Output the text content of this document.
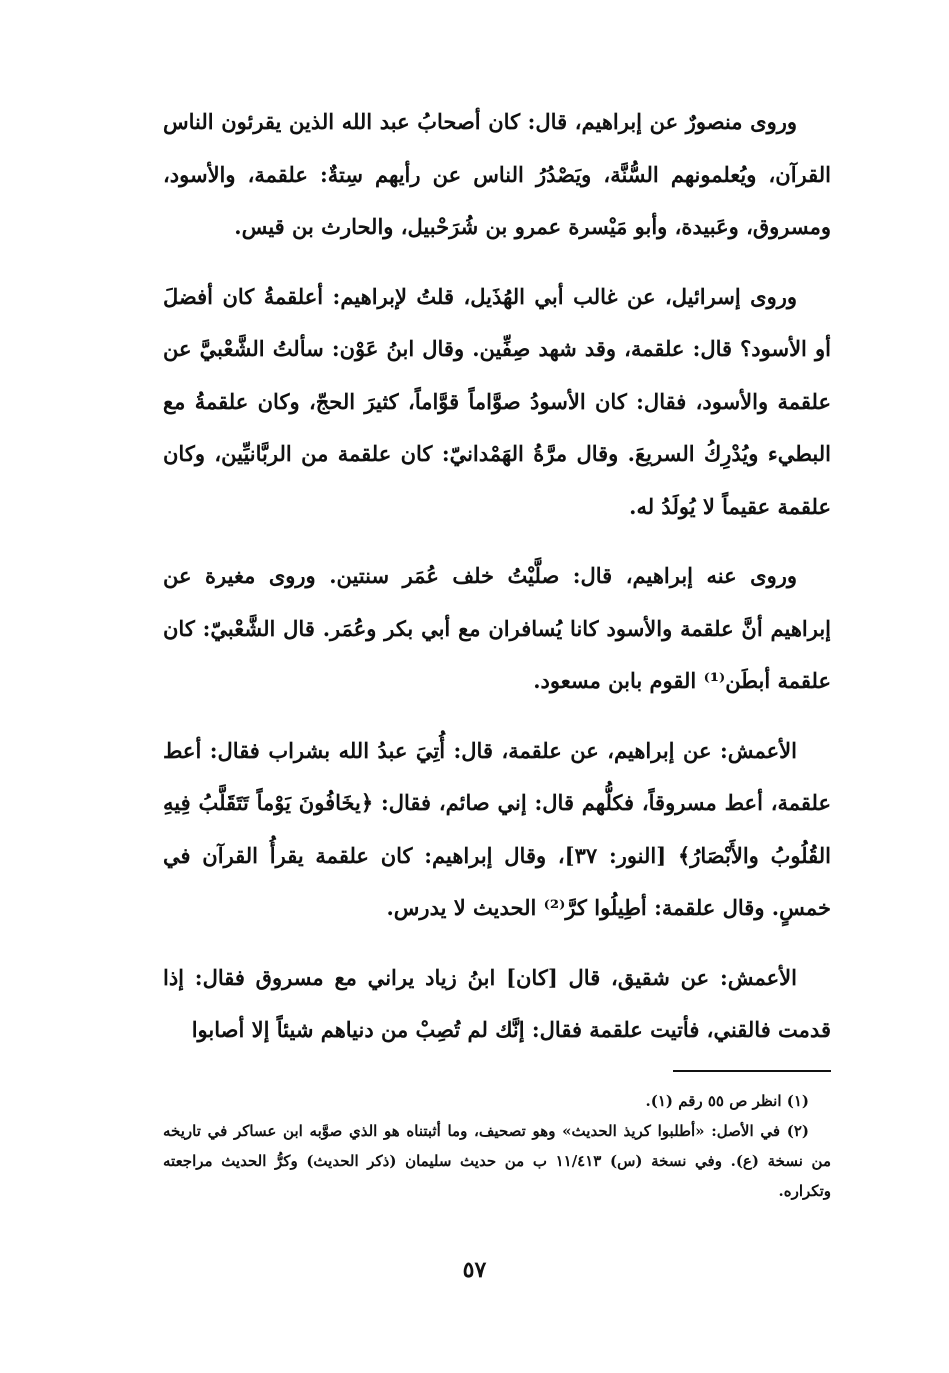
وروى منصورٌ عن إبراهيم، قال: كان أصحابُ عبد الله الذين يقرئون الناس القرآن، ويُعلمونهم السُّنَّة، ويَصْدُرُ الناس عن رأيهم سِتةٌ: علقمة، والأسود، ومسروق، وعَبيدة، وأبو مَيْسرة عمرو بن شُرَحْبيل، والحارث بن قيس.

وروى إسرائيل، عن غالب أبي الهُذَيل، قلتُ لإبراهيم: أعلقمةُ كان أفضلَ أو الأسود؟ قال: علقمة، وقد شهد صِفِّين. وقال ابنُ عَوْن: سألتُ الشَّعْبيَّ عن علقمة والأسود، فقال: كان الأسودُ صوَّاماً قوَّاماً، كثيرَ الحجّ، وكان علقمةُ مع البطيء ويُدْرِكُ السريعَ. وقال مرَّةُ الهَمْدانيّ: كان علقمة من الربَّانيِّين، وكان علقمة عقيماً لا يُولَدُ له.

وروى عنه إبراهيم، قال: صلَّيْتُ خلف عُمَر سنتين. وروى مغيرة عن إبراهيم أنَّ علقمة والأسود كانا يُسافران مع أبي بكر وعُمَر. قال الشَّعْبيّ: كان علقمة أبطَن⁽¹⁾ القوم بابن مسعود.

الأعمش: عن إبراهيم، عن علقمة، قال: أُتِيَ عبدُ الله بشراب فقال: أعط علقمة، أعط مسروقاً، فكلُّهم قال: إني صائم، فقال: ﴿يخَافُونَ يَوْماً تَتَقَلَّبُ فِيهِ القُلُوبُ والأَبْصَارُ﴾ [النور: ٣٧]، وقال إبراهيم: كان علقمة يقرأُ القرآن في خمسٍ. وقال علقمة: أطِيلُوا كرَّ⁽²⁾ الحديث لا يدرس.

الأعمش: عن شقيق، قال [كان] ابنُ زياد يراني مع مسروق فقال: إذا قدمت فالقني، فأتيت علقمة فقال: إنَّك لم تُصِبْ من دنياهم شيئاً إلا أصابوا

(١) انظر ص ٥٥ رقم (١).

(٢) في الأصل: «أطلبوا كريذ الحديث» وهو تصحيف، وما أثبتناه هو الذي صوَّبه ابن عساكر في تاريخه من نسخة (ع). وفي نسخة (س) ١١/٤١٣ ب من حديث سليمان (ذكر الحديث) وكرُّ الحديث مراجعته وتكراره.

٥٧
